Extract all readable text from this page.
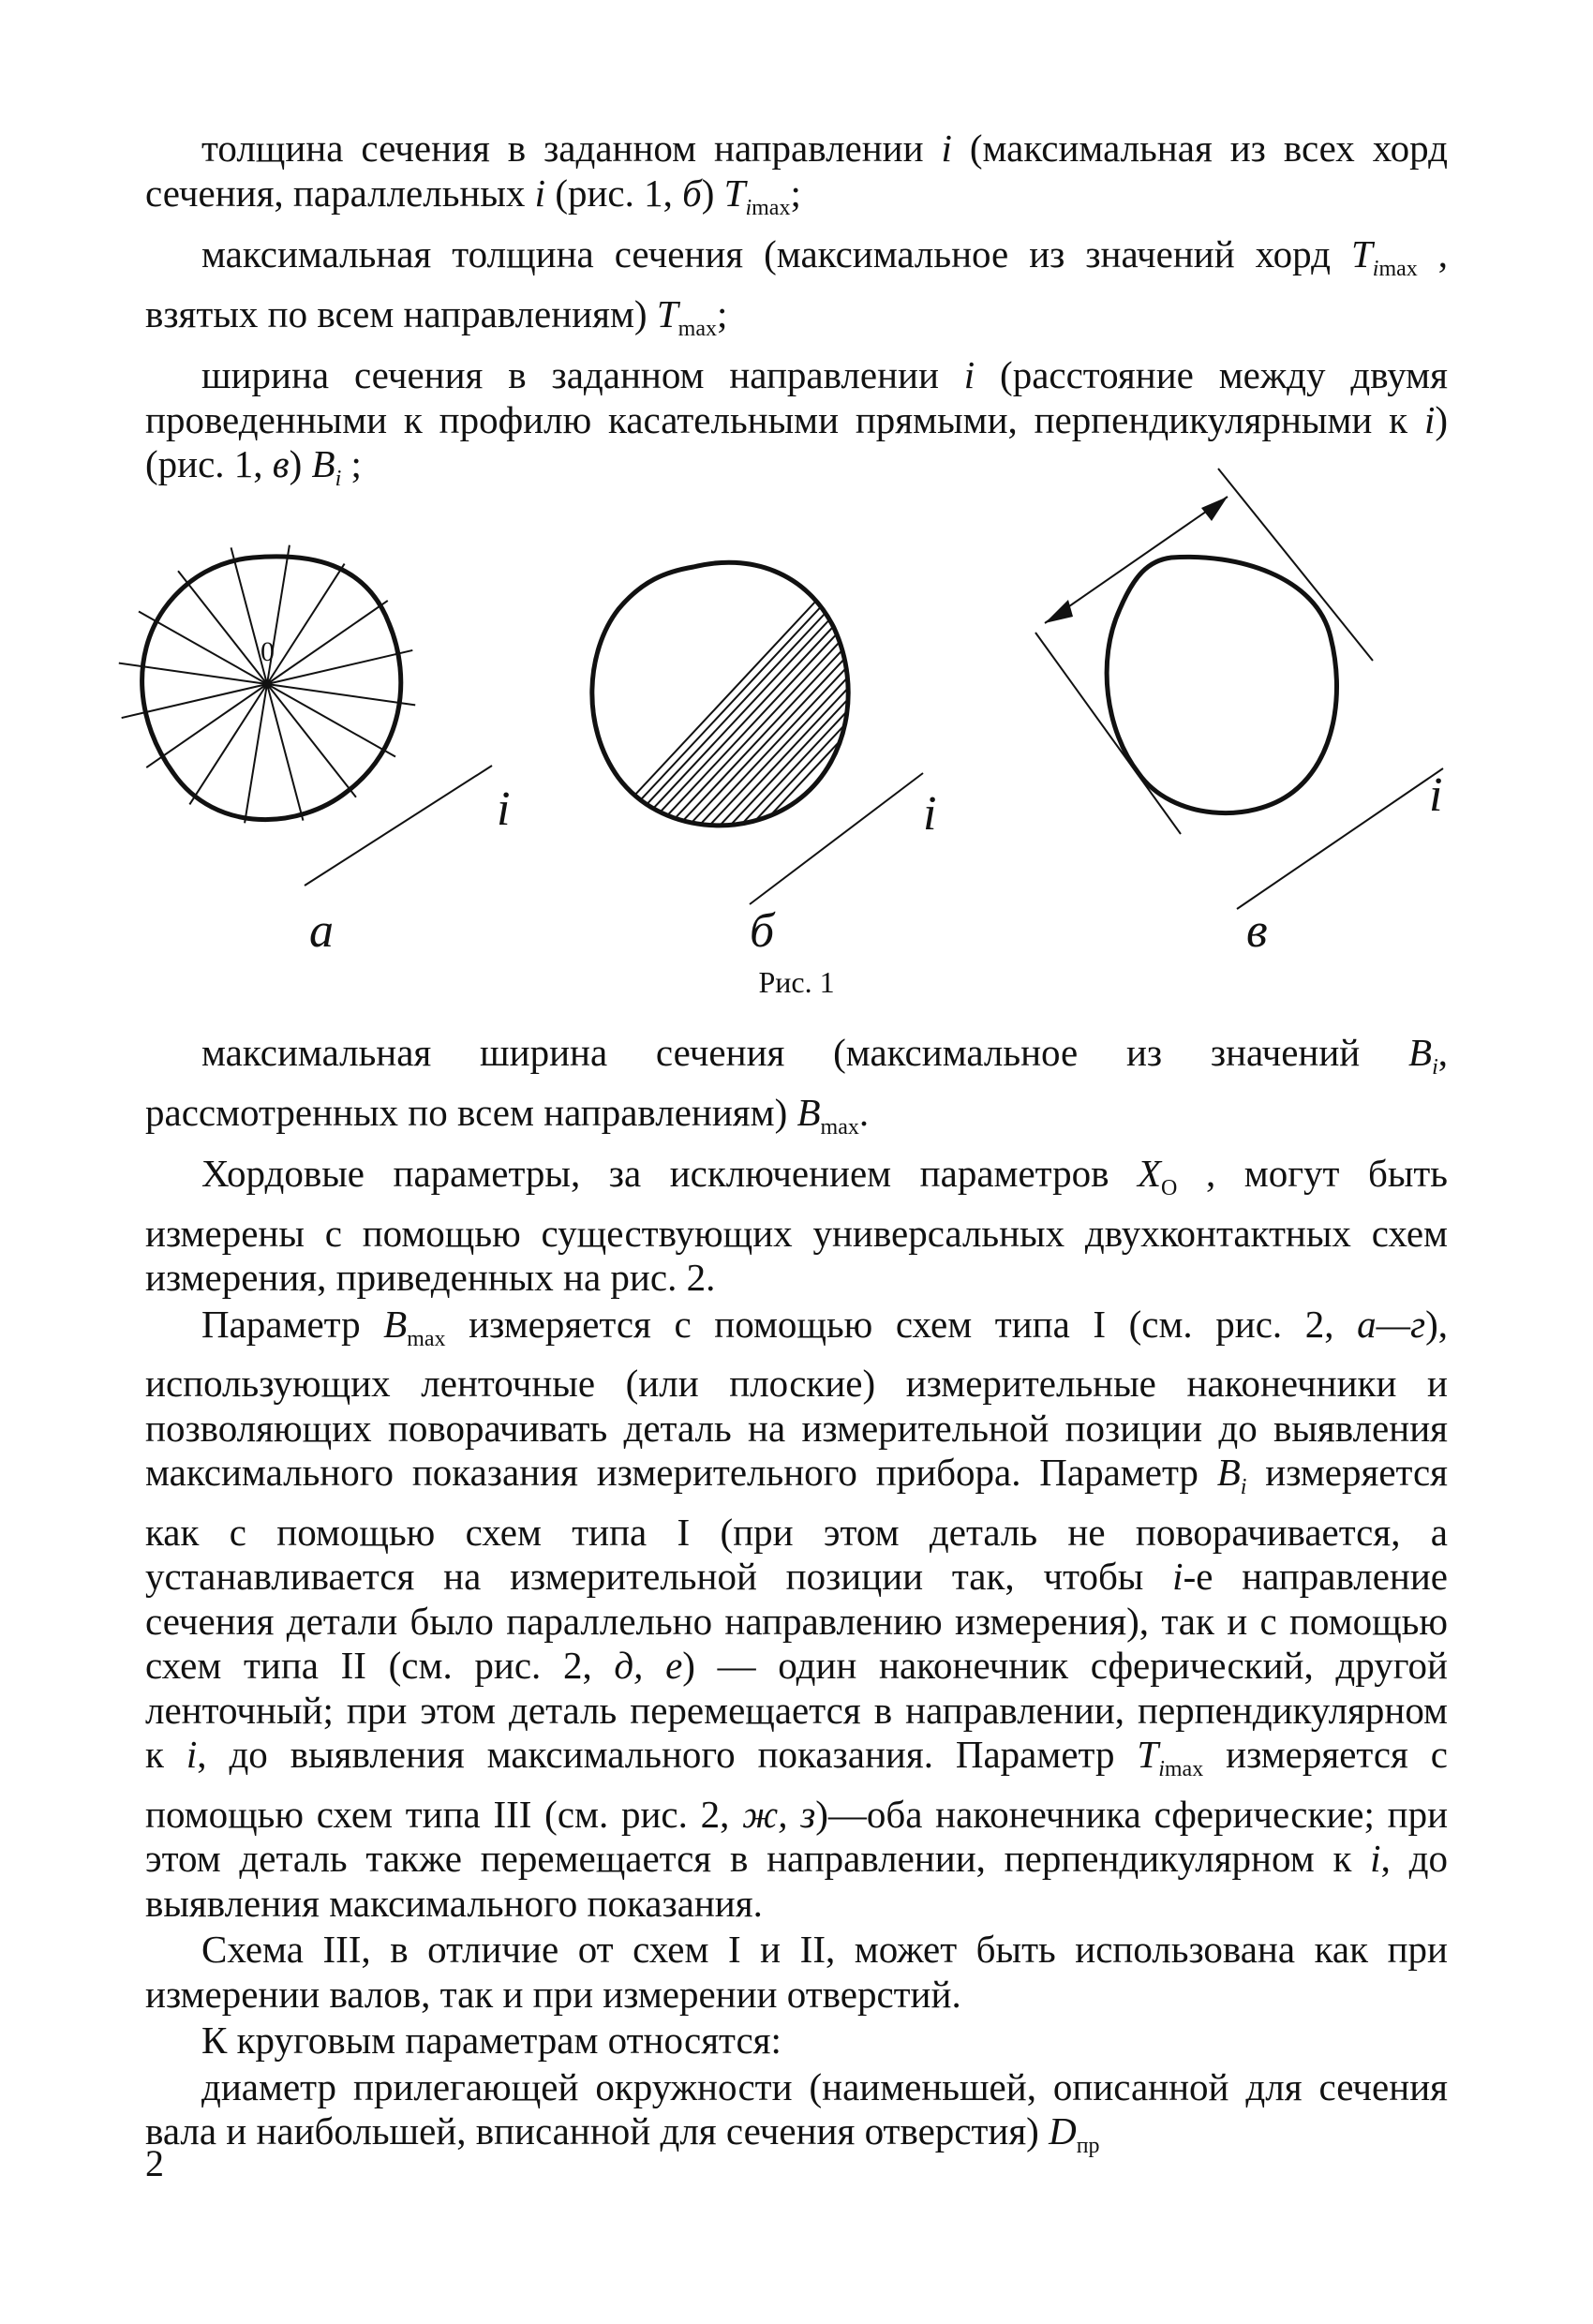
толщина сечения в заданном направлении i (максимальная из всех хорд сечения, параллельных i (рис. 1, б) $T_{imax}$;

максимальная толщина сечения (максимальное из значений хорд $T_{imax}$ , взятых по всем направлениям) $T_{max}$;

ширина сечения в заданном направлении i (расстояние между двумя проведенными к профилю касательными прямыми, перпендикулярными к i) (рис. 1, в) $B_i$ ;

0
i
а
i
б
i
в
Рис. 1

максимальная ширина сечения (максимальное из значений $B_i$, рассмотренных по всем направлениям) $B_{max}$.

Хордовые параметры, за исключением параметров $X_O$ , могут быть измерены с помощью существующих универсальных двухконтактных схем измерения, приведенных на рис. 2.

Параметр $B_{max}$ измеряется с помощью схем типа I (см. рис. 2, а—г), использующих ленточные (или плоские) измерительные наконечники и позволяющих поворачивать деталь на измерительной позиции до выявления максимального показания измерительного прибора. Параметр $B_i$ измеряется как с помощью схем типа I (при этом деталь не поворачивается, а устанавливается на измерительной позиции так, чтобы i-е направление сечения детали было параллельно направлению измерения), так и с помощью схем типа II (см. рис. 2, д, е) — один наконечник сферический, другой ленточный; при этом деталь перемещается в направлении, перпендикулярном к i, до выявления максимального показания. Параметр $T_{imax}$ измеряется с помощью схем типа III (см. рис. 2, ж, з)—оба наконечника сферические; при этом деталь также перемещается в направлении, перпендикулярном к i, до выявления максимального показания.

Схема III, в отличие от схем I и II, может быть использована как при измерении валов, так и при измерении отверстий.

К круговым параметрам относятся:

диаметр прилегающей окружности (наименьшей, описанной для сечения вала и наибольшей, вписанной для сечения отверстия) $D_{пр}$

2
